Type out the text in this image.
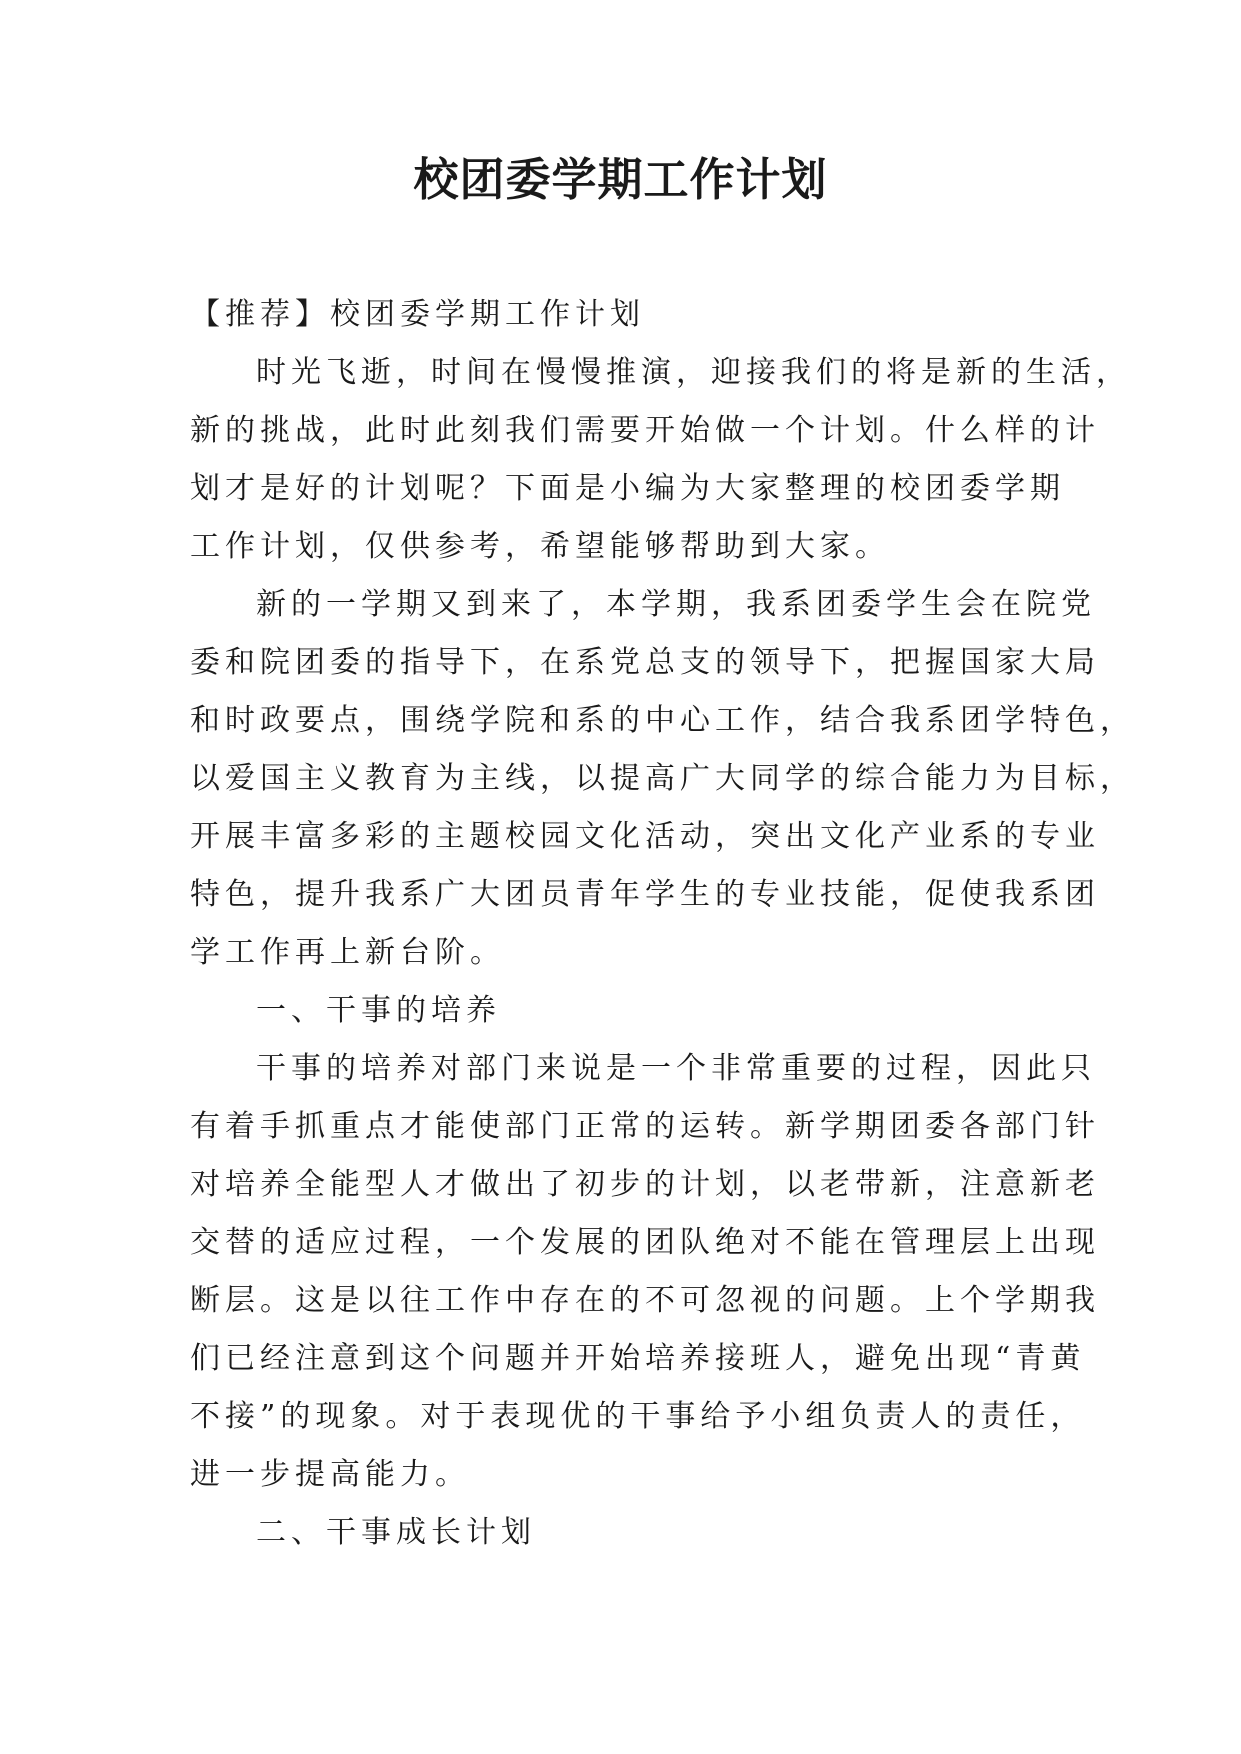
校团委学期工作计划
【推荐】校团委学期工作计划
时光飞逝，时间在慢慢推演，迎接我们的将是新的生活，
新的挑战，此时此刻我们需要开始做一个计划。什么样的计
划才是好的计划呢？下面是小编为大家整理的校团委学期
工作计划，仅供参考，希望能够帮助到大家。
新的一学期又到来了，本学期，我系团委学生会在院党
委和院团委的指导下，在系党总支的领导下，把握国家大局
和时政要点，围绕学院和系的中心工作，结合我系团学特色，
以爱国主义教育为主线，以提高广大同学的综合能力为目标，
开展丰富多彩的主题校园文化活动，突出文化产业系的专业
特色，提升我系广大团员青年学生的专业技能，促使我系团
学工作再上新台阶。
一、干事的培养
干事的培养对部门来说是一个非常重要的过程，因此只
有着手抓重点才能使部门正常的运转。新学期团委各部门针
对培养全能型人才做出了初步的计划，以老带新，注意新老
交替的适应过程，一个发展的团队绝对不能在管理层上出现
断层。这是以往工作中存在的不可忽视的问题。上个学期我
们已经注意到这个问题并开始培养接班人，避免出现“青黄
不接”的现象。对于表现优的干事给予小组负责人的责任，
进一步提高能力。
二、干事成长计划
